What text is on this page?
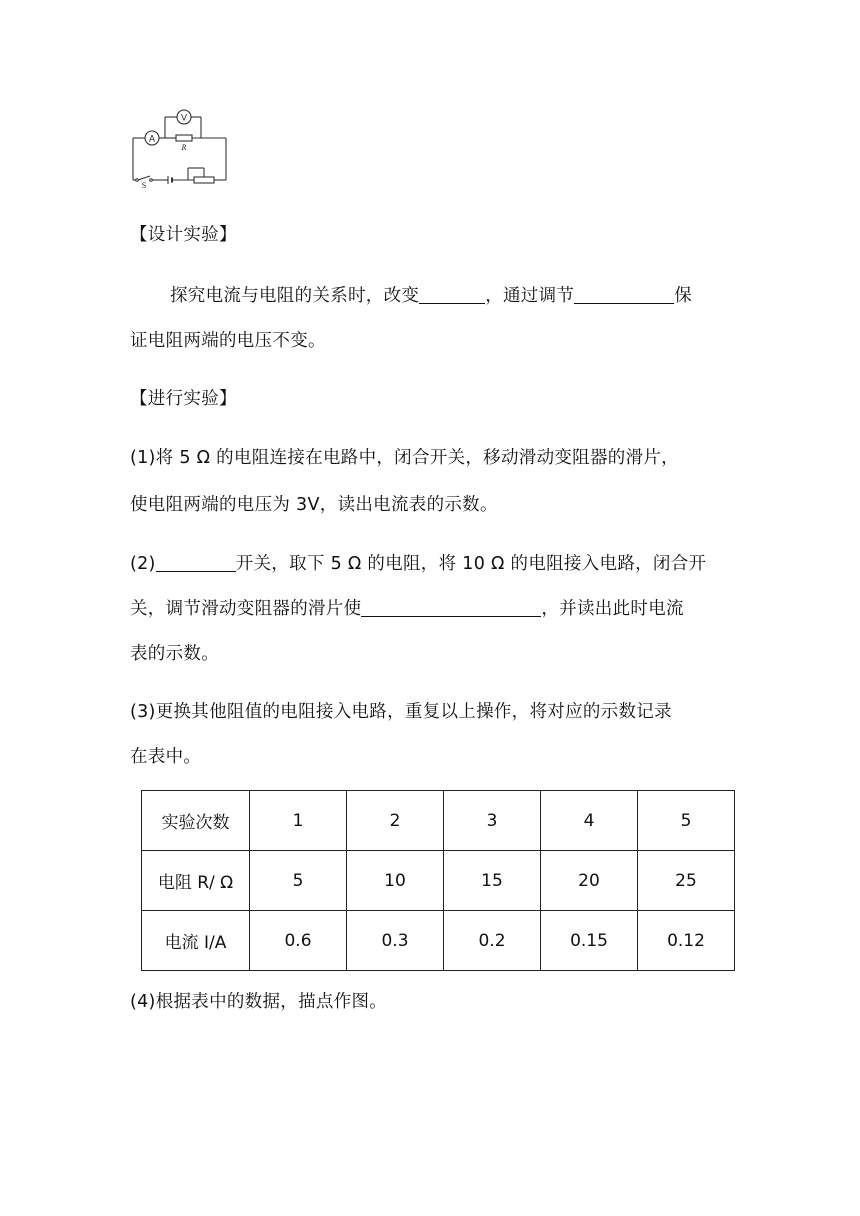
A
V
R
S
【设计实验】
探究电流与电阻的关系时，改变	，通过调节	保
证电阻两端的电压不变。
【进行实验】
(1)将 5 Ω 的电阻连接在电路中，闭合开关，移动滑动变阻器的滑片，
使电阻两端的电压为 3V，读出电流表的示数。
(2)	开关，取下 5 Ω 的电阻，将 10 Ω 的电阻接入电路，闭合开
关，调节滑动变阻器的滑片使	，并读出此时电流
表的示数。
(3)更换其他阻值的电阻接入电路，重复以上操作，将对应的示数记录
在表中。
实验次数	1	2	3	4	5
电阻 R/ Ω	5	10	15	20	25
电流 I/A	0.6	0.3	0.2	0.15	0.12
(4)根据表中的数据，描点作图。
